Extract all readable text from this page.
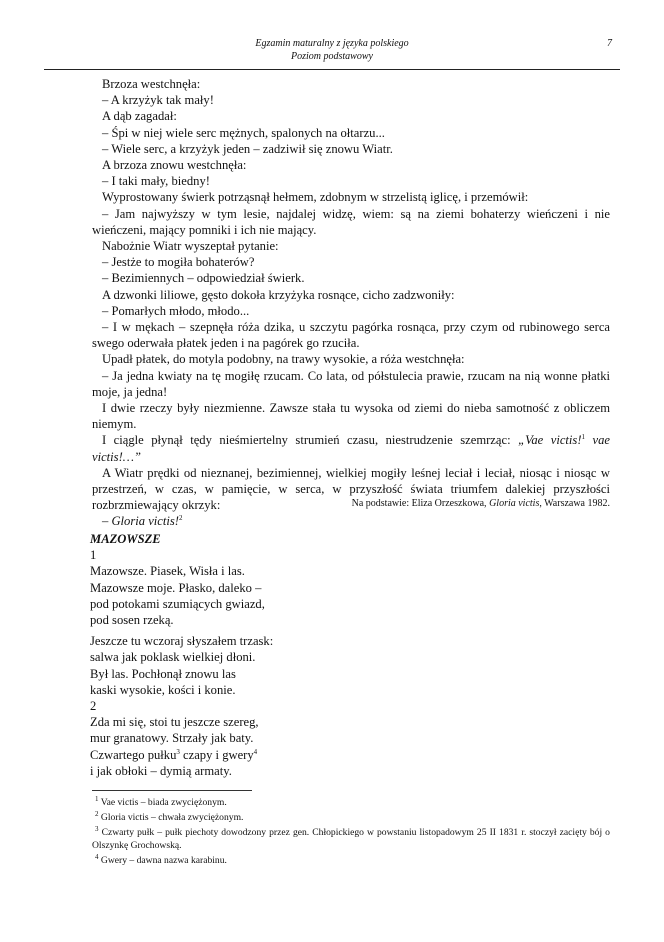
Egzamin maturalny z języka polskiego
Poziom podstawowy
7

Brzoza westchnęła:

– A krzyżyk tak mały!

A dąb zagadał:

– Śpi w niej wiele serc mężnych, spalonych na ołtarzu...

– Wiele serc, a krzyżyk jeden – zadziwił się znowu Wiatr.

A brzoza znowu westchnęła:

– I taki mały, biedny!

Wyprostowany świerk potrząsnął hełmem, zdobnym w strzelistą iglicę, i przemówił:

– Jam najwyższy w tym lesie, najdalej widzę, wiem: są na ziemi bohaterzy wieńczeni i nie wieńczeni, mający pomniki i ich nie mający.

Nabożnie Wiatr wyszeptał pytanie:

– Jestże to mogiła bohaterów?

– Bezimiennych – odpowiedział świerk.

A dzwonki liliowe, gęsto dokoła krzyżyka rosnące, cicho zadzwoniły:

– Pomarłych młodo, młodo...

– I w mękach – szepnęła róża dzika, u szczytu pagórka rosnąca, przy czym od rubinowego serca swego oderwała płatek jeden i na pagórek go rzuciła.

Upadł płatek, do motyla podobny, na trawy wysokie, a róża westchnęła:

– Ja jedna kwiaty na tę mogiłę rzucam. Co lata, od półstulecia prawie, rzucam na nią wonne płatki moje, ja jedna!

I dwie rzeczy były niezmienne. Zawsze stała tu wysoka od ziemi do nieba samotność z obliczem niemym.

I ciągle płynął tędy nieśmiertelny strumień czasu, niestrudzenie szemrząc: „Vae victis!$^1$ vae victis!…”

A Wiatr prędki od nieznanej, bezimiennej, wielkiej mogiły leśnej leciał i leciał, niosąc i niosąc w przestrzeń, w czas, w pamięcie, w serca, w przyszłość świata triumfem dalekiej przyszłości rozbrzmiewający okrzyk:

– Gloria victis!$^2$

Na podstawie: Eliza Orzeszkowa, Gloria victis, Warszawa 1982.

MAZOWSZE

1

Mazowsze. Piasek, Wisła i las.

Mazowsze moje. Płasko, daleko –

pod potokami szumiących gwiazd,

pod sosen rzeką.

Jeszcze tu wczoraj słyszałem trzask:

salwa jak poklask wielkiej dłoni.

Był las. Pochłonął znowu las

kaski wysokie, kości i konie.

2

Zda mi się, stoi tu jeszcze szereg,

mur granatowy. Strzały jak baty.

Czwartego pułku$^3$ czapy i gwery$^4$

i jak obłoki – dymią armaty.

$^1$ Vae victis – biada zwyciężonym.

$^2$ Gloria victis – chwała zwyciężonym.

$^3$ Czwarty pułk – pułk piechoty dowodzony przez gen. Chłopickiego w powstaniu listopadowym 25 II 1831 r. stoczył zacięty bój o Olszynkę Grochowską.

$^4$ Gwery – dawna nazwa karabinu.
